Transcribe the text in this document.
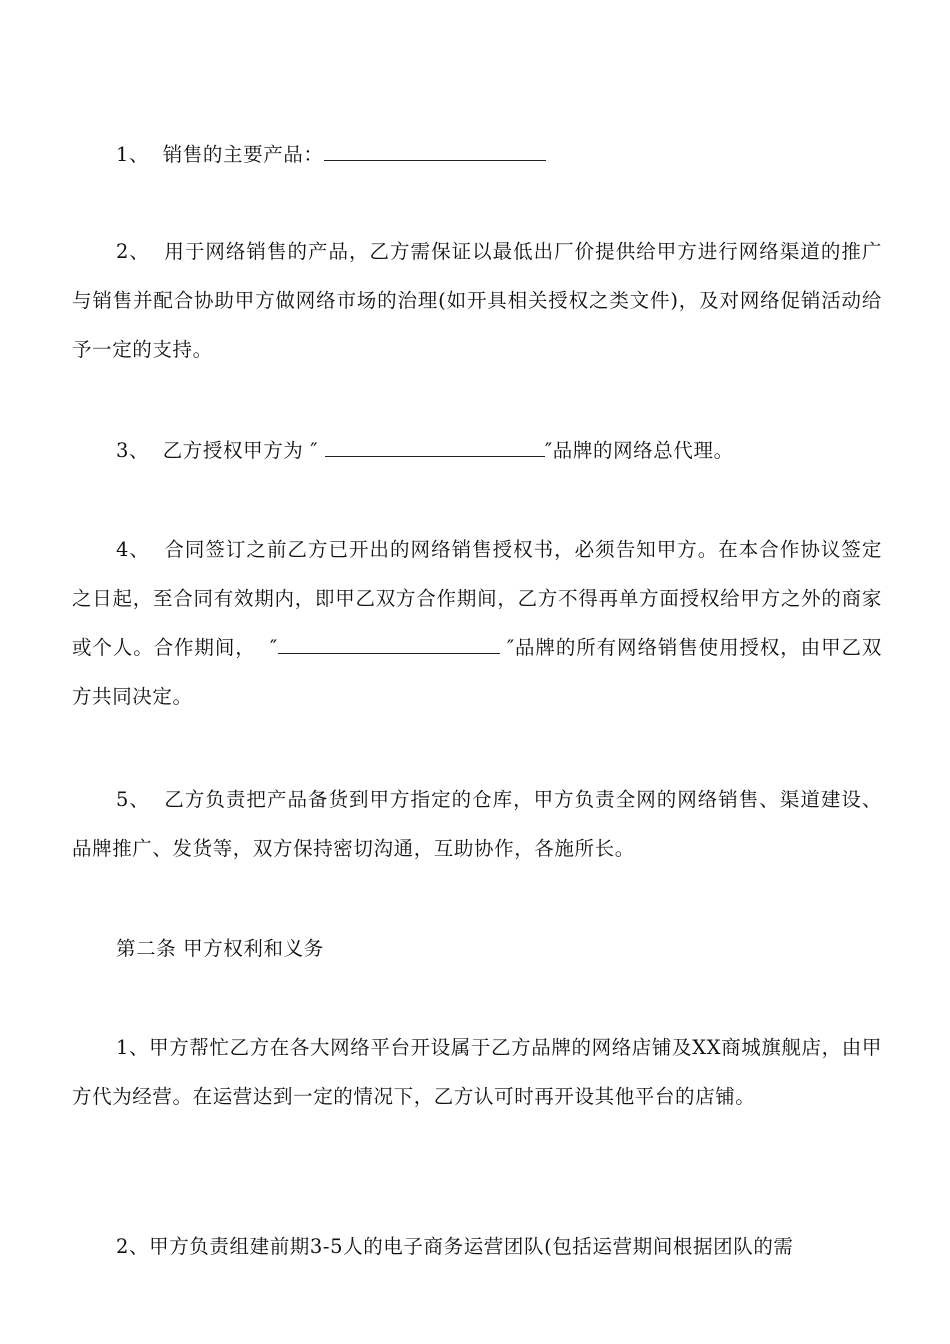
1、  销售的主要产品：

2、  用于网络销售的产品，乙方需保证以最低出厂价提供给甲方进行网络渠道的推广与销售并配合协助甲方做网络市场的治理(如开具相关授权之类文件)，及对网络促销活动给予一定的支持。

3、  乙方授权甲方为 ″	″品牌的网络总代理。

4、  合同签订之前乙方已开出的网络销售授权书，必须告知甲方。在本合作协议签定之日起，至合同有效期内，即甲乙双方合作期间，乙方不得再单方面授权给甲方之外的商家或个人。合作期间，  ″	″品牌的所有网络销售使用授权，由甲乙双方共同决定。

5、  乙方负责把产品备货到甲方指定的仓库，甲方负责全网的网络销售、渠道建设、品牌推广、发货等，双方保持密切沟通，互助协作，各施所长。

第二条 甲方权利和义务

1、甲方帮忙乙方在各大网络平台开设属于乙方品牌的网络店铺及XX商城旗舰店，由甲方代为经营。在运营达到一定的情况下，乙方认可时再开设其他平台的店铺。

2、甲方负责组建前期3-5人的电子商务运营团队(包括运营期间根据团队的需
